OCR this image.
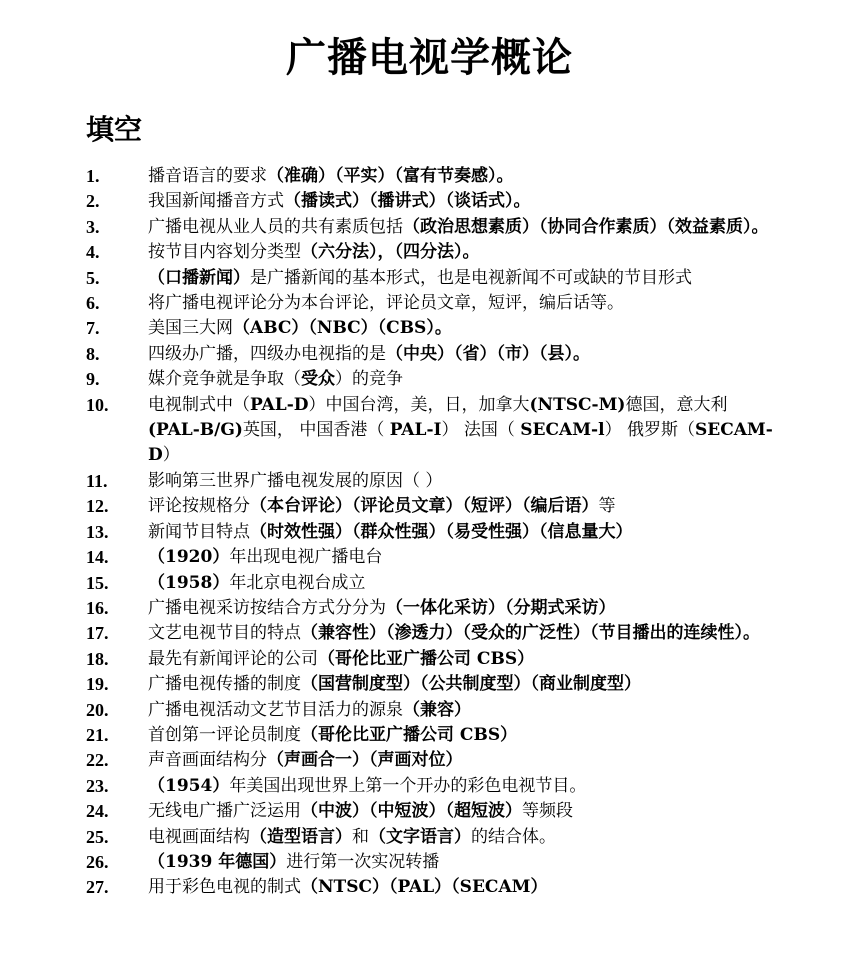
广播电视学概论
填空
1.	播音语言的要求（准确）（平实）（富有节奏感）。
2.	我国新闻播音方式（播读式）（播讲式）（谈话式）。
3.	广播电视从业人员的共有素质包括（政治思想素质）（协同合作素质）（效益素质）。
4.	按节目内容划分类型（六分法），（四分法）。
5.	（口播新闻）是广播新闻的基本形式，也是电视新闻不可或缺的节目形式
6.	将广播电视评论分为本台评论，评论员文章，短评，编后话等。
7.	美国三大网（ABC）（NBC）（CBS）。
8.	四级办广播，四级办电视指的是（中央）（省）（市）（县）。
9.	媒介竞争就是争取（受众）的竞争
10.	电视制式中（PAL-D）中国台湾，美，日，加拿大(NTSC-M)德国，意大利(PAL-B/G)英国， 中国香港（ PAL-I） 法国（ SECAM-l） 俄罗斯（SECAM-D）
11.	影响第三世界广播电视发展的原因（ ）
12.	评论按规格分（本台评论）（评论员文章）（短评）（编后语）等
13.	新闻节目特点（时效性强）（群众性强）（易受性强）（信息量大）
14.	（1920）年出现电视广播电台
15.	（1958）年北京电视台成立
16.	广播电视采访按结合方式分分为（一体化采访）（分期式采访）
17.	文艺电视节目的特点（兼容性）（渗透力）（受众的广泛性）（节目播出的连续性）。
18.	最先有新闻评论的公司（哥伦比亚广播公司 CBS）
19.	广播电视传播的制度（国营制度型）（公共制度型）（商业制度型）
20.	广播电视活动文艺节目活力的源泉（兼容）
21.	首创第一评论员制度（哥伦比亚广播公司 CBS）
22.	声音画面结构分（声画合一）（声画对位）
23.	（1954）年美国出现世界上第一个开办的彩色电视节目。
24.	无线电广播广泛运用（中波）（中短波）（超短波）等频段
25.	电视画面结构（造型语言）和（文字语言）的结合体。
26.	（1939 年德国）进行第一次实况转播
27.	用于彩色电视的制式（NTSC）（PAL）（SECAM）
